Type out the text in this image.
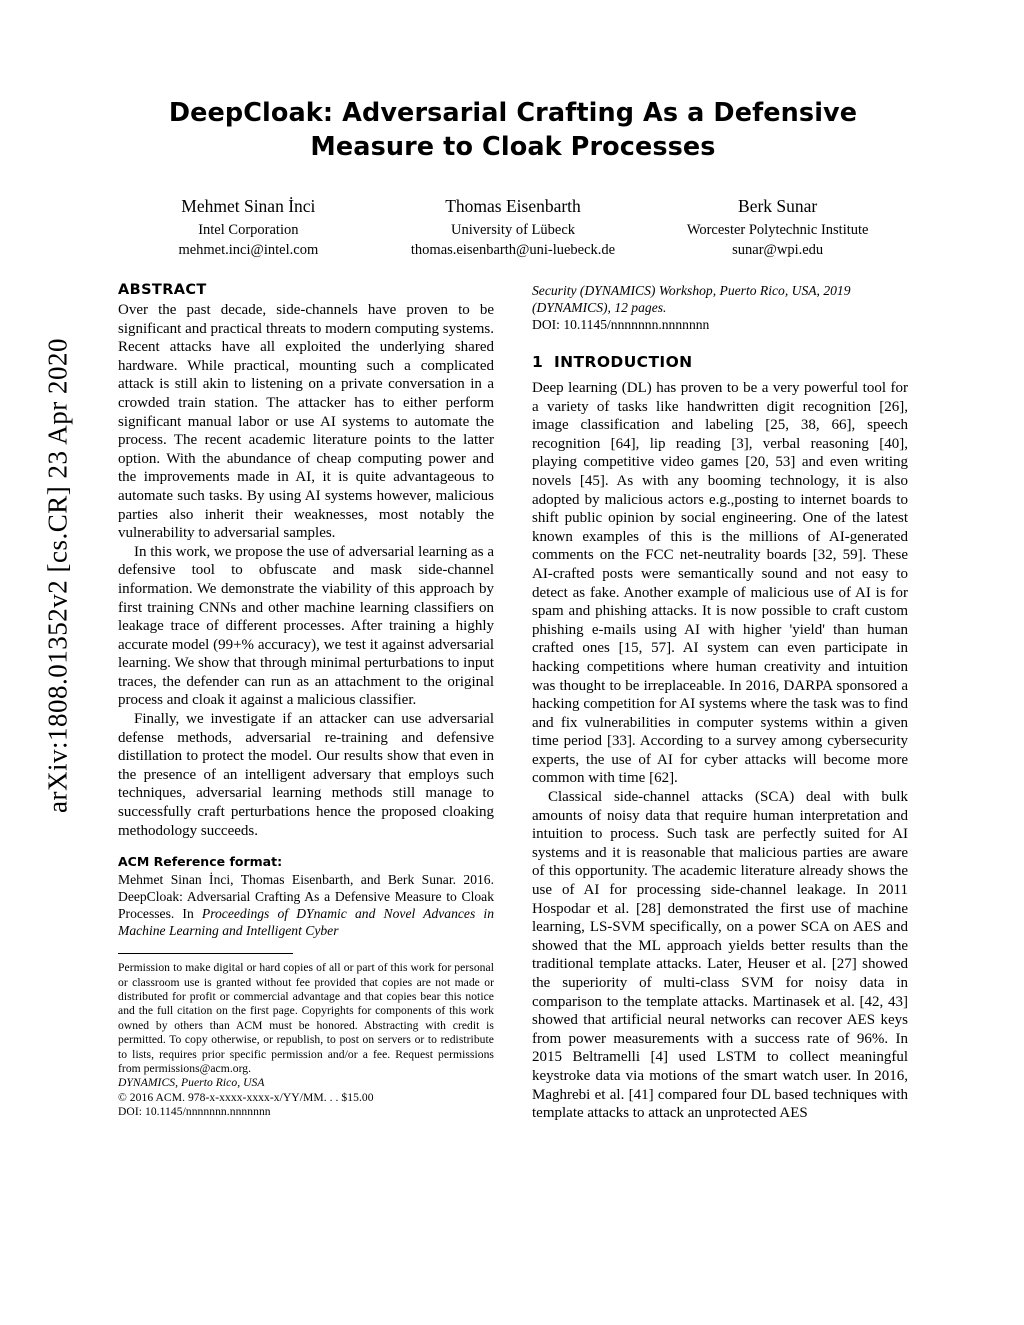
arXiv:1808.01352v2 [cs.CR] 23 Apr 2020
DeepCloak: Adversarial Crafting As a Defensive Measure to Cloak Processes
Mehmet Sinan İnci
Intel Corporation
mehmet.inci@intel.com
Thomas Eisenbarth
University of Lübeck
thomas.eisenbarth@uni-luebeck.de
Berk Sunar
Worcester Polytechnic Institute
sunar@wpi.edu
ABSTRACT

Over the past decade, side-channels have proven to be significant and practical threats to modern computing systems. Recent attacks have all exploited the underlying shared hardware. While practical, mounting such a complicated attack is still akin to listening on a private conversation in a crowded train station. The attacker has to either perform significant manual labor or use AI systems to automate the process. The recent academic literature points to the latter option. With the abundance of cheap computing power and the improvements made in AI, it is quite advantageous to automate such tasks. By using AI systems however, malicious parties also inherit their weaknesses, most notably the vulnerability to adversarial samples.

In this work, we propose the use of adversarial learning as a defensive tool to obfuscate and mask side-channel information. We demonstrate the viability of this approach by first training CNNs and other machine learning classifiers on leakage trace of different processes. After training a highly accurate model (99+% accuracy), we test it against adversarial learning. We show that through minimal perturbations to input traces, the defender can run as an attachment to the original process and cloak it against a malicious classifier.

Finally, we investigate if an attacker can use adversarial defense methods, adversarial re-training and defensive distillation to protect the model. Our results show that even in the presence of an intelligent adversary that employs such techniques, adversarial learning methods still manage to successfully craft perturbations hence the proposed cloaking methodology succeeds.

ACM Reference format:
Mehmet Sinan İnci, Thomas Eisenbarth, and Berk Sunar. 2016. DeepCloak: Adversarial Crafting As a Defensive Measure to Cloak Processes. In Proceedings of DYnamic and Novel Advances in Machine Learning and Intelligent Cyber
Permission to make digital or hard copies of all or part of this work for personal or classroom use is granted without fee provided that copies are not made or distributed for profit or commercial advantage and that copies bear this notice and the full citation on the first page. Copyrights for components of this work owned by others than ACM must be honored. Abstracting with credit is permitted. To copy otherwise, or republish, to post on servers or to redistribute to lists, requires prior specific permission and/or a fee. Request permissions from permissions@acm.org.
DYNAMICS, Puerto Rico, USA
© 2016 ACM. 978-x-xxxx-xxxx-x/YY/MM. . . $15.00
DOI: 10.1145/nnnnnnn.nnnnnnn
Security (DYNAMICS) Workshop, Puerto Rico, USA, 2019 (DYNAMICS), 12 pages.
DOI: 10.1145/nnnnnnn.nnnnnnn
1 INTRODUCTION

Deep learning (DL) has proven to be a very powerful tool for a variety of tasks like handwritten digit recognition [26], image classification and labeling [25, 38, 66], speech recognition [64], lip reading [3], verbal reasoning [40], playing competitive video games [20, 53] and even writing novels [45]. As with any booming technology, it is also adopted by malicious actors e.g.,posting to internet boards to shift public opinion by social engineering. One of the latest known examples of this is the millions of AI-generated comments on the FCC net-neutrality boards [32, 59]. These AI-crafted posts were semantically sound and not easy to detect as fake. Another example of malicious use of AI is for spam and phishing attacks. It is now possible to craft custom phishing e-mails using AI with higher 'yield' than human crafted ones [15, 57]. AI system can even participate in hacking competitions where human creativity and intuition was thought to be irreplaceable. In 2016, DARPA sponsored a hacking competition for AI systems where the task was to find and fix vulnerabilities in computer systems within a given time period [33]. According to a survey among cybersecurity experts, the use of AI for cyber attacks will become more common with time [62].

Classical side-channel attacks (SCA) deal with bulk amounts of noisy data that require human interpretation and intuition to process. Such task are perfectly suited for AI systems and it is reasonable that malicious parties are aware of this opportunity. The academic literature already shows the use of AI for processing side-channel leakage. In 2011 Hospodar et al. [28] demonstrated the first use of machine learning, LS-SVM specifically, on a power SCA on AES and showed that the ML approach yields better results than the traditional template attacks. Later, Heuser et al. [27] showed the superiority of multi-class SVM for noisy data in comparison to the template attacks. Martinasek et al. [42, 43] showed that artificial neural networks can recover AES keys from power measurements with a success rate of 96%. In 2015 Beltramelli [4] used LSTM to collect meaningful keystroke data via motions of the smart watch user. In 2016, Maghrebi et al. [41] compared four DL based techniques with template attacks to attack an unprotected AES
